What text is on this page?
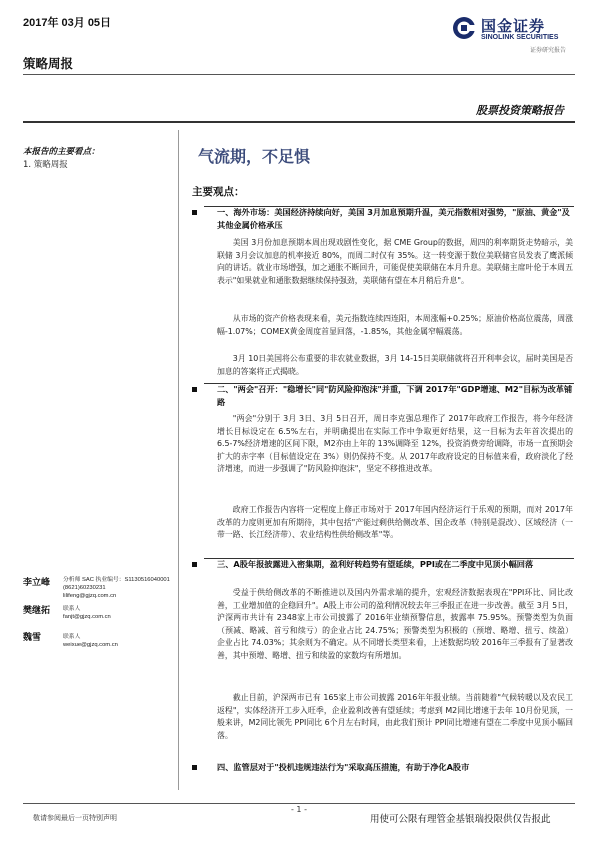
2017年 03月 05日	国金证券
SINOLINK SECURITIES
证券研究报告
策略周报
股票投资策略报告
本报告的主要看点：
1. 策略周报	气流期，不足惧
主要观点：
一、海外市场：美国经济持续向好，美国 3月加息预期升温，美元指数相对强势，"原油、黄金"及其他金属价格承压
美国 3月份加息预期本周出现戏剧性变化，据 CME Group的数据，周四的利率期货走势暗示，美联储 3月会议加息的机率接近 80%，而周二时仅有 35%。这一转变源于数位美联储官员发表了鹰派倾向的讲话。就业市场增强，加之通胀不断回升，可能促使美联储在本月升息。美联储主席叶伦于本周五表示"如果就业和通胀数据继续保持强劲，美联储有望在本月稍后升息"。
从市场的资产价格表现来看，美元指数连续四连阳，本周涨幅+0.25%；原油价格高位震荡，周涨幅-1.07%；COMEX黄金周度首显回落，-1.85%，其他金属窄幅震荡。
3月 10日美国将公布重要的非农就业数据，3月 14-15日美联储就将召开利率会议，届时美国是否加息的答案将正式揭晓。
二、"两会"召开："稳增长"同"防风险抑泡沫"并重，下调 2017年"GDP增速、M2"目标为改革铺路
"两会"分别于 3月 3日、3月 5日召开，周日李克强总理作了 2017年政府工作报告，将今年经济增长目标设定在 6.5%左右，并明确提出在实际工作中争取更好结果，这一目标为去年首次提出的 6.5-7%经济增速的区间下限，M2亦由上年的 13%调降至 12%，投资消费旁给调降，市场一直预期会扩大的赤字率（目标值设定在 3%）则仍保持不变。从 2017年政府设定的目标值来看，政府淡化了经济增速，而进一步强调了"防风险抑泡沫"，坚定不移推进改革。
政府工作报告内容将一定程度上修正市场对于 2017年国内经济运行于乐观的预期，而对 2017年改革的力度则更加有所期待，其中包括"产能过剩供给侧改革、国企改革（特别是混改）、区域经济（一带一路、长江经济带）、农业结构性供给侧改革"等。
三、A股年报披露进入密集期，盈利好转趋势有望延续，PPI或在二季度中见顶小幅回落
受益于供给侧改革的不断推进以及国内外需求端的提升，宏观经济数据表现在"PPI环比、同比改善，工业增加值的企稳回升"。A股上市公司的盈利情况较去年三季报正在进一步改善。截至 3月 5日，沪深两市共计有 2348家上市公司披露了 2016年业绩预警信息，披露率 75.95%。预警类型为负面（预减、略减、首亏和续亏）的企业占比 24.75%；预警类型为积极的（预增、略增、扭亏、续盈）企业占比 74.03%；其余则为不确定。从不同增长类型来看，上述数据均较 2016年三季报有了显著改善，其中预增、略增、扭亏和续盈的家数均有所增加。
截止目前，沪深两市已有 165家上市公司披露 2016年年报业绩。当前随着"气候转暖以及农民工返程"，实体经济开工步入旺季，企业盈利改善有望延续；考虑到 M2同比增速于去年 10月份见顶，一般来讲，M2同比领先 PPI同比 6个月左右时间，由此我们预计 PPI同比增速有望在二季度中见顶小幅回落。
四、监管层对于"投机违规违法行为"采取高压措施，有助于净化A股市
李立峰 分析师 SAC 执业编号：S1130516040001
(8621)60230231
lilifeng@gjzq.com.cn
樊继拓 联系人
fanjt@gjzq.com.cn
魏雪	联系人
weixue@gjzq.com.cn
- 1 -
敬请参阅最后一页特别声明	用使可公限有理管金基银瑞投限供仅告报此
